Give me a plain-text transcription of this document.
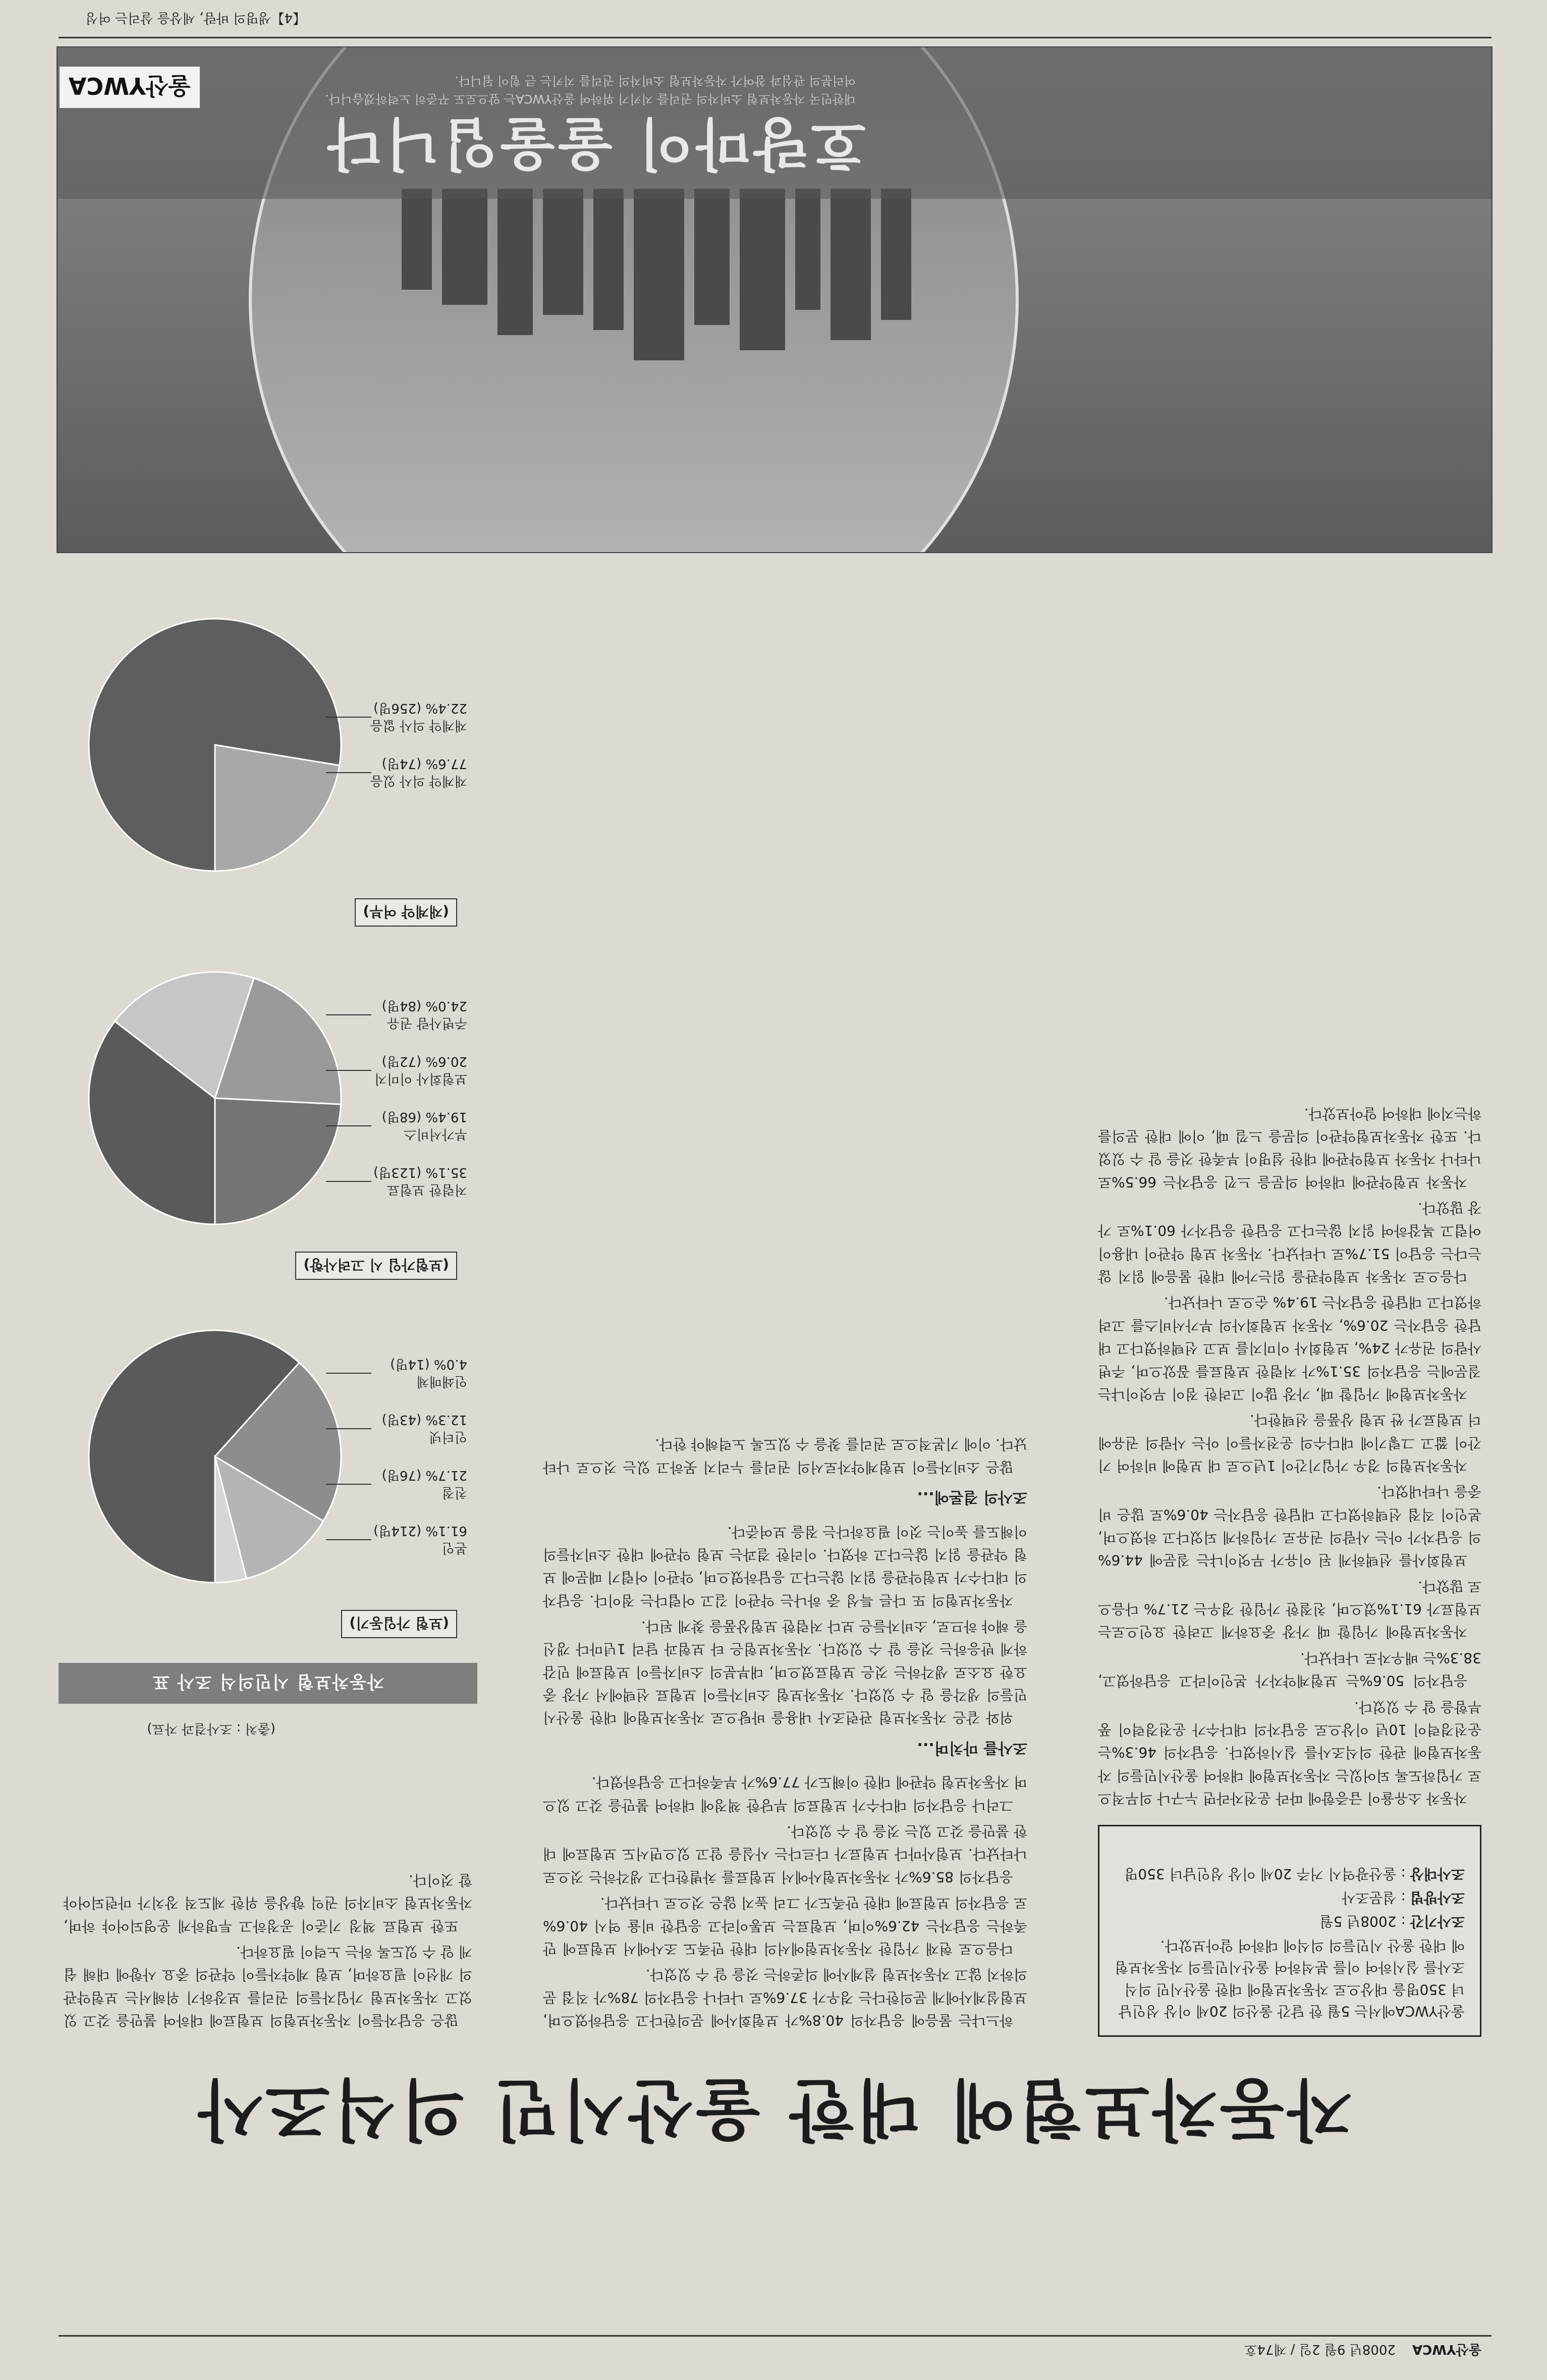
울산YWCA
2008년 9월 2일 / 제74호
자동차보험에 대한 울산시민 의식조사
울산YWCA에서는 5월 한 달간 울산의 20세 이상 성인남녀 350명을 대상으로 자동차보험에 대한 울산시민 의식조사를 실시하여 이를 분석하여 울산시민들의 자동차보험에 대한 울산 시민들의 의식에 대하여 알아보았다.
조사기간 : 2008년 5월
조사방법 : 설문조사
조사대상 : 울산광역시 거주 20세 이상 성인남녀 350명

자동차 소유율이 급증함에 따라 운전자라면 누구나 의무적으로 가입하도록 되어있는 자동차보험에 대하여 울산시민들의 자동차보험에 관한 의식조사를 실시하였다. 응답자의 46.3%는 운전경력이 10년 이상으로 응답자의 대다수가 운전경력이 풍부함을 알 수 있었다.

응답자의 50.6%는 보험계약자가 본인이라고 응답하였고, 38.3%는 배우자로 나타났다.

자동차보험에 가입할 때 가장 중요하게 고려한 요인으로는 보험료가 61.1%였으며, 친절한 가입한 경우는 21.7% 다음으로 많았다.

보험회사를 선택하게 된 이유가 무엇이냐는 질문에 44.6%의 응답자가 아는 사람의 권유로 가입하게 되었다고 하였으며, 본인이 직접 선택하였다고 대답한 응답자는 40.6%로 많은 비중을 나타내었다.

자동차보험의 경우 가입기간이 1년으로 대 보험에 비하여 기간이 짧고 그렇기에 대다수의 운전자들이 아는 사람의 권유에 더 보험료가 싼 보험 상품을 선택한다.

자동차보험에 가입할 때, 가장 많이 고려한 점이 무엇이냐는 질문에는 응답자의 35.1%가 저렴한 보험료를 꼽았으며, 주변사람의 권유가 24%, 보험회사 이미지를 보고 선택하였다고 대답한 응답자는 20.6%, 자동차 보험회사의 부가서비스를 고려하였다고 대답한 응답자는 19.4% 순으로 나타났다.

다음으로 자동차 보험약관을 읽는가에 대한 물음에 읽지 않는다는 응답이 51.7%로 나타났다. 자동차 보험 약관이 내용이 어렵고 복잡하여 읽지 않는다고 응답한 응답자가 60.1%로 가장 많았다.

자동차 보험약관에 대하여 의문을 느낀 응답자는 66.5%로 나타나 자동차 보험약관에 대한 설명이 부족한 것을 알 수 있었다. 또한 자동차보험약관이 의문을 느낄 때, 이에 대한 문의를 하는지에 대하여 알아보았다.

하느냐는 물음에 응답자의 40.8%가 보험회사에 문의한다고 응답하였으며, 보험설계사에게 문의한다는 경우가 37.6%로 나타나 응답자의 78%가 직접 문의하지 않고 자동차보험 설계사에 의존하는 것을 알 수 있었다.

다음으로 현재 가입한 자동차보험에서의 대한 만족도 조사에서 보험료에 만족하는 응답자는 42.6%이며, 보험료는 보통이라고 응답한 비율 역시 40.6%로 응답자의 보험료에 대한 만족도가 그리 높지 않은 것으로 나타났다.

응답자의 85.6%가 자동차보험사에서 보험료를 차별한다고 생각하는 것으로 나타났다. 보험사마다 보험료가 다르다는 사실을 알고 있으면서도 보험료에 대한 불만을 갖고 있는 것을 알 수 있었다.

그러나 응답자의 대다수가 보험료의 부당한 책정에 대하여 불만을 갖고 있으며 자동차보험 약관에 대한 이해도가 77.6%가 부족하다고 응답하였다.

조사를 마치며...

위와 같은 자동차보험 관련조사 내용을 바탕으로 자동차보험에 대한 울산시민들의 생각을 알 수 있었다. 자동차보험 소비자들이 보험료 선택에서 가장 중요한 요소로 생각하는 것은 보험료였으며, 대부분의 소비자들이 보험료에 민감하게 반응하는 것을 알 수 있었다. 자동차보험은 타 보험과 달리 1년마다 갱신을 해야 하므로, 소비자들은 보다 저렴한 보험상품을 찾게 된다.

자동차보험의 또 다른 특성 중 하나는 약관이 길고 어렵다는 점이다. 응답자의 대다수가 보험약관을 읽지 않는다고 응답하였으며, 약관이 어렵기 때문에 보험 약관을 읽지 않는다고 하였다. 이러한 결과는 보험 약관에 대한 소비자들의 이해도를 높이는 것이 필요하다는 점을 보여준다.

조사의 결론에...

많은 소비자들이 보험계약자로서의 권리를 누리지 못하고 있는 것으로 나타났다. 이에 기본적으로 권리를 찾을 수 있도록 노력해야 한다.

많은 응답자들이 자동차보험의 보험료에 대하여 불만을 갖고 있었고 자동차보험 가입자들의 권리를 보장하기 위해서는 보험약관의 개선이 필요하며, 보험 계약자들이 약관의 중요 사항에 대해 쉽게 알 수 있도록 하는 노력이 필요하다.

또한 보험료 책정 기준이 공정하고 투명하게 운영되어야 하며, 자동차보험 소비자의 권익 향상을 위한 제도적 장치가 마련되어야 할 것이다.

(출처 : 조사결과 자료)
자동차보험 시민의식 조사 표
(보험 가입동기)
본인
61.1% (214명)
친절
21.7% (76명)
인터넷
12.3% (43명)
인쇄매체
4.0% (14명)
(보험가입 시 고려사항)
저렴한 보험료
35.1% (123명)
부가서비스
19.4% (68명)
보험회사 이미지
20.6% (72명)
주변사람 권유
24.0% (84명)
(재계약 여부)
재계약 의사 있음
77.6% (74명)
재계약 의사 없음
22.4% (256명)
호랑마이 울울입니다
대한민국 자동차보험 소비자의 권리를 지키기 위하여 울산YWCA는 앞으로도 꾸준히 노력하겠습니다.
여러분의 관심과 참여가 자동차보험 소비자의 권리를 지키는 큰 힘이 됩니다.
울산YWCA
【4】생명의 바람, 세상을 살리는 여성
